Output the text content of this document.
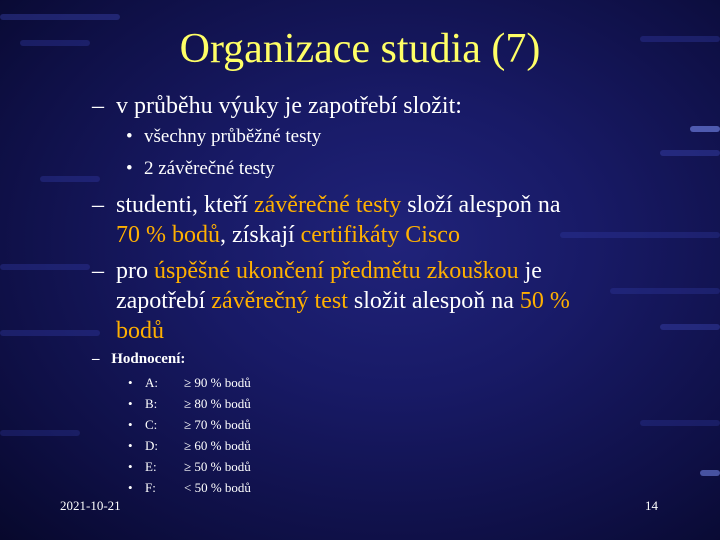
Organizace studia (7)
– v průběhu výuky je zapotřebí složit:
• všechny průběžné testy
• 2 závěrečné testy
– studenti, kteří závěrečné testy složí alespoň na
70 % bodů, získají certifikáty Cisco
– pro úspěšné ukončení předmětu zkouškou je
zapotřebí závěrečný test složit alespoň na 50 %
bodů
– Hodnocení:
• A: ≥ 90 % bodů
• B: ≥ 80 % bodů
• C: ≥ 70 % bodů
• D: ≥ 60 % bodů
• E: ≥ 50 % bodů
• F: < 50 % bodů
2021-10-21	14
